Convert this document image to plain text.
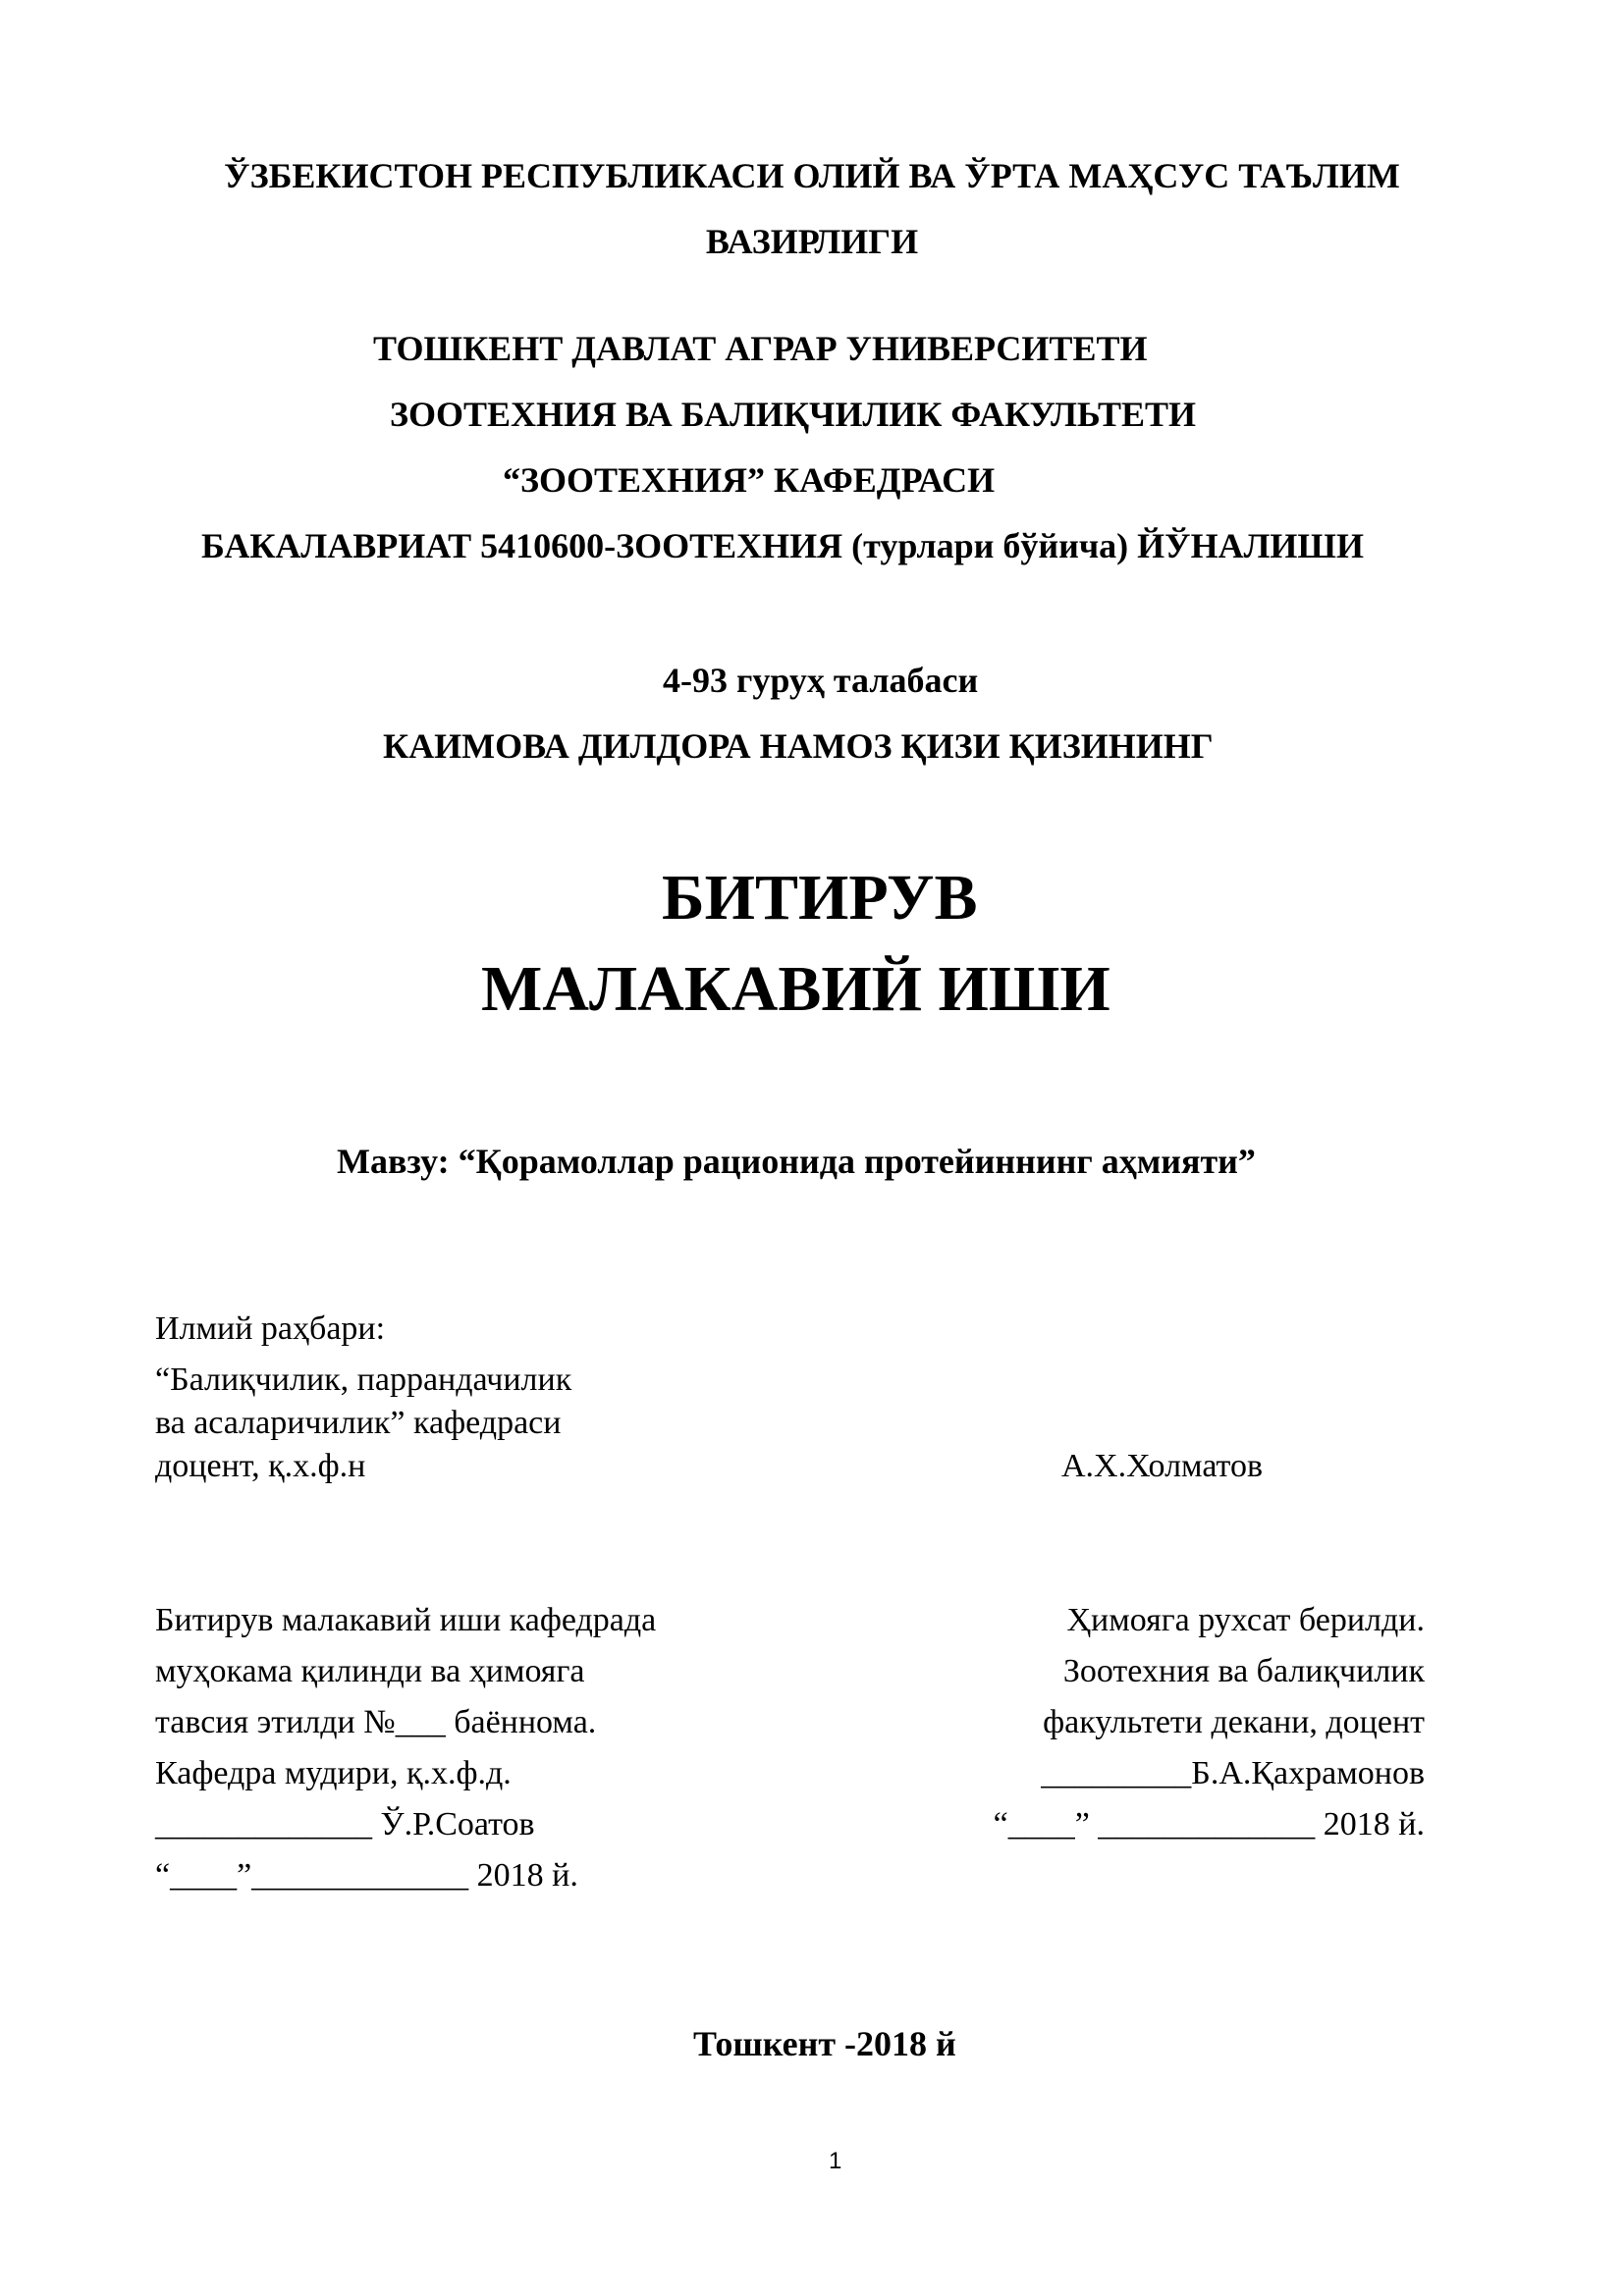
ЎЗБЕКИСТОН РЕСПУБЛИКАСИ ОЛИЙ ВА ЎРТА МАҲСУС ТАЪЛИМ
ВАЗИРЛИГИ
ТОШКЕНТ ДАВЛАТ АГРАР УНИВЕРСИТЕТИ
ЗООТЕХНИЯ ВА БАЛИҚЧИЛИК ФАКУЛЬТЕТИ
“ЗООТЕХНИЯ” КАФЕДРАСИ
БАКАЛАВРИАТ 5410600-ЗООТЕХНИЯ (турлари бўйича) ЙЎНАЛИШИ
4-93 гуруҳ талабаси
КАИМОВА ДИЛДОРА НАМОЗ ҚИЗИ ҚИЗИНИНГ
БИТИРУВ
МАЛАКАВИЙ ИШИ
Мавзу: “Қорамоллар рационида протейиннинг аҳмияти”
Илмий раҳбари:
“Балиқчилик, паррандачилик
ва асаларичилик” кафедраси
доцент, қ.х.ф.н	А.Х.Холматов
Битирув малакавий иши кафедрада
муҳокама қилинди ва ҳимояга
тавсия этилди №___ баённома.
Кафедра мудири, қ.х.ф.д.
_____________ Ў.Р.Соатов
“____”_____________ 2018 й.
Ҳимояга рухсат берилди.
Зоотехния ва балиқчилик
факультети декани, доцент
_________Б.А.Қахрамонов
“____” _____________ 2018 й.
Тошкент -2018 й
1
